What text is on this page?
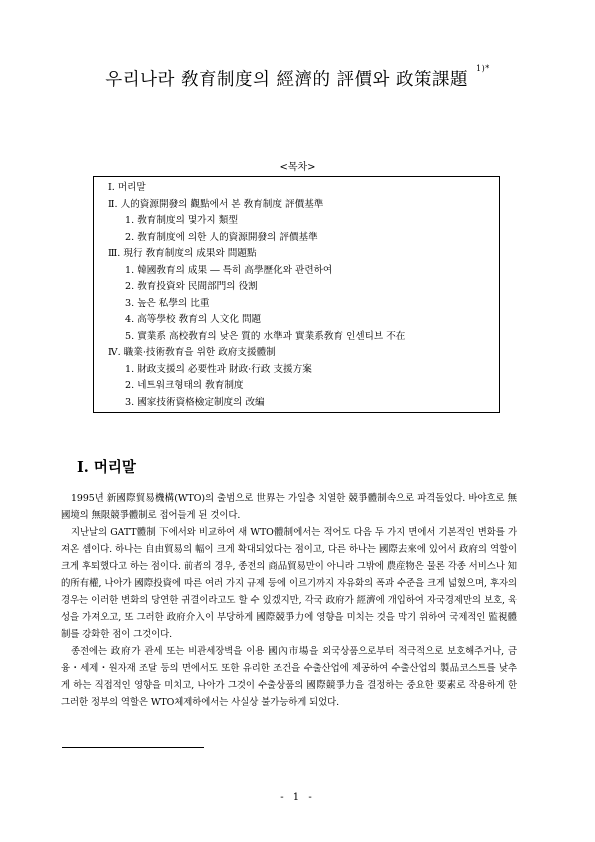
우리나라 敎育制度의 經濟的 評價와 政策課題$^{1)*}$
<목차>
Ⅰ. 머리말
Ⅱ. 人的資源開發의 觀點에서 본 敎育制度 評價基準
1. 敎育制度의 몇가지 類型
2. 敎育制度에 의한 人的資源開發의 評價基準
Ⅲ. 現行 敎育制度의 成果와 問題點
1. 韓國敎育의 成果 ― 특히 高學歷化와 관련하여
2. 敎育投資와 民間部門의 役割
3. 높은 私學의 比重
4. 高等學校 敎育의 人文化 問題
5. 實業系 高校敎育의 낮은 質的 水準과 實業系敎育 인센티브 不在
Ⅳ. 職業·技術敎育을 위한 政府支援體制
1. 財政支援의 必要性과 財政·行政 支援方案
2. 네트워크형태의 敎育制度
3. 國家技術資格檢定制度의 改編
Ⅰ. 머리말

1995년 新國際貿易機構(WTO)의 출범으로 世界는 가일층 치열한 競爭體制속으로 파격돌었다. 바야흐로 無國境의 無限競爭體制로 접어들게 된 것이다.

지난날의 GATT體制 下에서와 비교하여 새 WTO體制에서는 적어도 다음 두 가지 면에서 기본적인 변화를 가져온 셈이다. 하나는 自由貿易의 幅이 크게 확대되었다는 점이고, 다른 하나는 國際去來에 있어서 政府의 역할이 크게 후퇴했다고 하는 점이다. 前者의 경우, 종전의 商品貿易만이 아니라 그밖에 農産物은 물론 각종 서비스나 知的所有權, 나아가 國際投資에 따른 여러 가지 규제 등에 이르기까지 자유화의 폭과 수준을 크게 넓혔으며, 후자의 경우는 이러한 변화의 당연한 귀결이라고도 할 수 있겠지만, 각국 政府가 經濟에 개입하여 자국경제만의 보호, 육성을 가져오고, 또 그러한 政府介入이 부당하게 國際競爭力에 영향을 미치는 것을 막기 위하여 국제적인 監視體制를 강화한 점이 그것이다.

종전에는 政府가 관세 또는 비관세장벽을 이용 國內市場을 외국상품으로부터 적극적으로 보호해주거나, 금융・세제・원자재 조달 등의 면에서도 또한 유리한 조건을 수출산업에 제공하여 수출산업의 製品코스트를 낮추게 하는 직접적인 영향을 미치고, 나아가 그것이 수출상품의 國際競爭力을 결정하는 중요한 要素로 작용하게 한 그러한 정부의 역할은 WTO체제하에서는 사실상 불가능하게 되었다.

- 1 -
